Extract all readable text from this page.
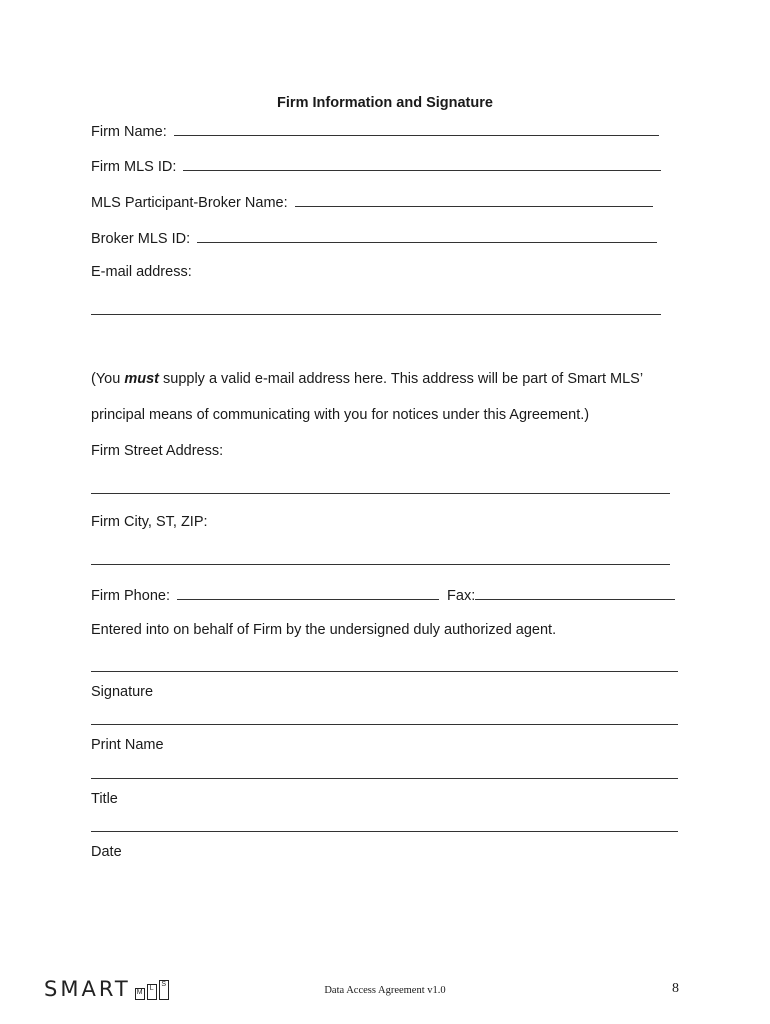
Firm Information and Signature
Firm Name:
Firm MLS ID:
MLS Participant-Broker Name:
Broker MLS ID:
E-mail address:
(You must supply a valid e-mail address here. This address will be part of Smart MLS’
principal means of communicating with you for notices under this Agreement.)
Firm Street Address:
Firm City, ST, ZIP:
Firm Phone:	Fax:
Entered into on behalf of Firm by the undersigned duly authorized agent.
Signature
Print Name
Title
Date
SMART M
L
S
Data Access Agreement v1.0	8
